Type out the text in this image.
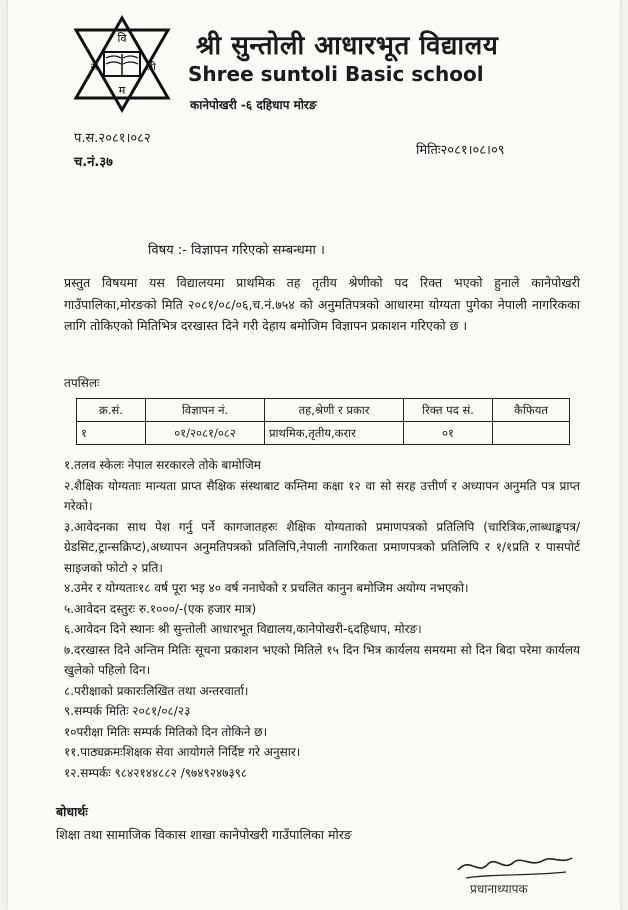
वि
रा	ली
म
श्री सुन्तोली आधारभूत विद्यालय
Shree suntoli Basic school
कानेपोखरी -६ दहिधाप मोरङ
प.स.२०८१।०८२
च.नं.३७
मितिः२०८१।०८।०९
विषय :- विज्ञापन गरिएको सम्बन्धमा ।
प्रस्तुत विषयमा यस विद्यालयमा प्राथमिक तह तृतीय श्रेणीको पद रिक्त भएको हुनाले कानेपोखरी गाउँपालिका,मोरङको मिति २०८१/०८/०६,च.नं.७५४ को अनुमतिपत्रको आधारमा योग्यता पुगेका नेपाली नागरिकका लागि तोकिएको मितिभित्र दरखास्त दिने गरी देहाय बमोजिम विज्ञापन प्रकाशन गरिएको छ ।
तपसिलः
क्र.सं.	विज्ञापन नं.	तह,श्रेणी र प्रकार	रिक्त पद सं.	कैफियत
१	०१/२०८१/०८२	प्राथमिक,तृतीय,करार	०१	
१.तलव स्केलः नेपाल सरकारले तोके बामोजिम
२.शैक्षिक योग्यताः मान्यता प्राप्त सैक्षिक संस्थाबाट कम्तिमा कक्षा १२ वा सो सरह उत्तीर्ण र अध्यापन अनुमति पत्र प्राप्त गरेको।
३.आवेदनका साथ पेश गर्नु पर्ने कागजातहरुः शैक्षिक योग्यताको प्रमाणपत्रको प्रतिलिपि (चारित्रिक,लाब्धाङ्कपत्र/ग्रेडसिट,ट्रान्सक्रिप्ट),अध्यापन अनुमतिपत्रको प्रतिलिपि,नेपाली नागरिकता प्रमाणपत्रको प्रतिलिपि र १/१प्रति र पासपोर्ट साइजको फोटो २ प्रति।
४.उमेर र योग्यताः१८ वर्ष पूरा भइ ४० वर्ष ननाघेको र प्रचलित कानुन बमोजिम अयोग्य नभएको।
५.आवेदन दस्तुरः रु.१०००/-(एक हजार मात्र)
६.आवेदन दिने स्थानः श्री सुन्तोली आधारभूत विद्यालय,कानेपोखरी-६दहिधाप, मोरङ।
७.दरखास्त दिने अन्तिम मितिः सूचना प्रकाशन भएको मितिले १५ दिन भित्र कार्यलय समयमा सो दिन बिदा परेमा कार्यलय खुलेको पहिलो दिन।
८.परीक्षाको प्रकारःलिखित तथा अन्तरवार्ता।
९.सम्पर्क मितिः २०८१/०८/२३
१०परीक्षा मितिः सम्पर्क मितिको दिन तोकिने छ।
११.पाठ्यक्रमःशिक्षक सेवा आयोगले निर्दिष्ट गरे अनुसार।
१२.सम्पर्कः ९८४२१४४८८२ /९७४९२४७३९८
बोधार्थः
शिक्षा तथा सामाजिक विकास शाखा कानेपोखरी गाउँपालिका मोरङ
प्रधानाध्यापक
